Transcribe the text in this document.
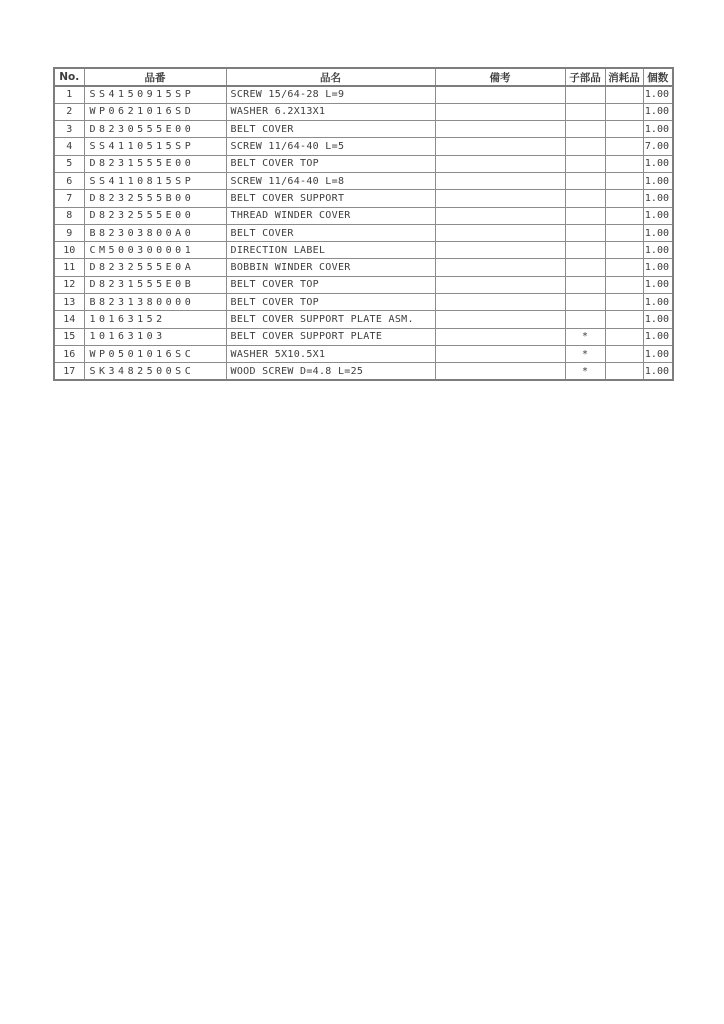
No.	品番	品名	備考	子部品	消耗品	個数
1	SS4150915SP	SCREW 15/64-28 L=9				1.00
2	WP0621016SD	WASHER 6.2X13X1				1.00
3	D8230555E00	BELT COVER				1.00
4	SS4110515SP	SCREW 11/64-40 L=5				7.00
5	D8231555E00	BELT COVER TOP				1.00
6	SS4110815SP	SCREW 11/64-40 L=8				1.00
7	D8232555B00	BELT COVER SUPPORT				1.00
8	D8232555E00	THREAD WINDER COVER				1.00
9	B82303800A0	BELT COVER				1.00
10	CM500300001	DIRECTION LABEL				1.00
11	D8232555E0A	BOBBIN WINDER COVER				1.00
12	D8231555E0B	BELT COVER TOP				1.00
13	B8231380000	BELT COVER TOP				1.00
14	10163152	BELT COVER SUPPORT PLATE ASM.				1.00
15	10163103	BELT COVER SUPPORT PLATE		*		1.00
16	WP0501016SC	WASHER 5X10.5X1		*		1.00
17	SK3482500SC	WOOD SCREW D=4.8 L=25		*		1.00
